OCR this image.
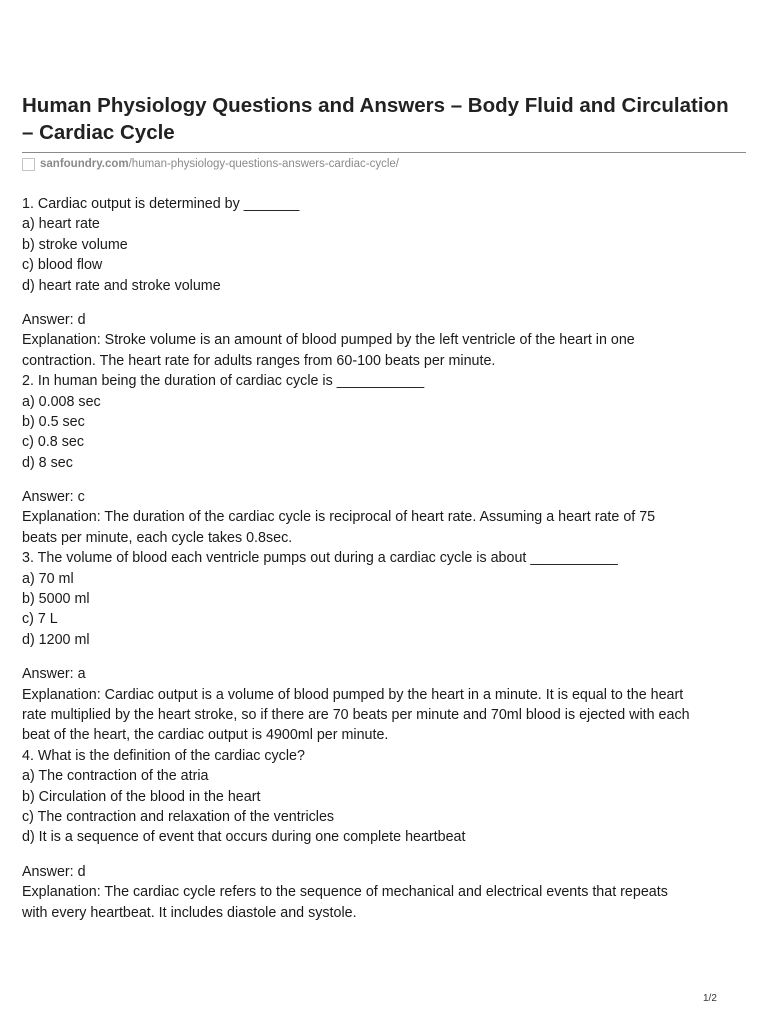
Human Physiology Questions and Answers – Body Fluid and Circulation – Cardiac Cycle
sanfoundry.com /human-physiology-questions-answers-cardiac-cycle/
1. Cardiac output is determined by _______
a) heart rate
b) stroke volume
c) blood flow
d) heart rate and stroke volume
Answer: d
Explanation: Stroke volume is an amount of blood pumped by the left ventricle of the heart in one
contraction. The heart rate for adults ranges from 60-100 beats per minute.
2. In human being the duration of cardiac cycle is ___________
a) 0.008 sec
b) 0.5 sec
c) 0.8 sec
d) 8 sec
Answer: c
Explanation: The duration of the cardiac cycle is reciprocal of heart rate. Assuming a heart rate of 75
beats per minute, each cycle takes 0.8sec.
3. The volume of blood each ventricle pumps out during a cardiac cycle is about ___________
a) 70 ml
b) 5000 ml
c) 7 L
d) 1200 ml
Answer: a
Explanation: Cardiac output is a volume of blood pumped by the heart in a minute. It is equal to the heart
rate multiplied by the heart stroke, so if there are 70 beats per minute and 70ml blood is ejected with each
beat of the heart, the cardiac output is 4900ml per minute.
4. What is the definition of the cardiac cycle?
a) The contraction of the atria
b) Circulation of the blood in the heart
c) The contraction and relaxation of the ventricles
d) It is a sequence of event that occurs during one complete heartbeat
Answer: d
Explanation: The cardiac cycle refers to the sequence of mechanical and electrical events that repeats
with every heartbeat. It includes diastole and systole.
1/2
